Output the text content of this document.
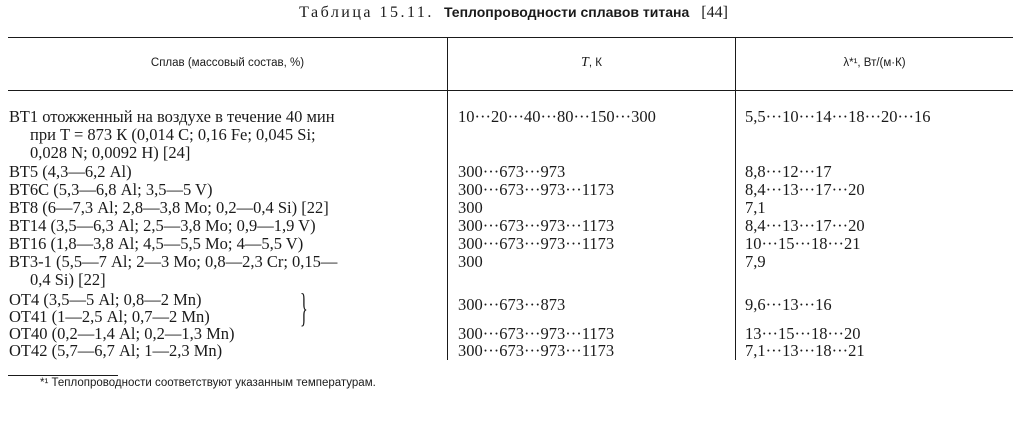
Таблица 15.11. Теплопроводности сплавов титана [44]
Сплав (массовый состав, %)	T, К	λ*¹, Вт/(м·К)
ВТ1 отожженный на воздухе в течение 40 мин	10···20···40···80···150···300	5,5···10···14···18···20···16
при T = 873 К (0,014 С; 0,16 Fe; 0,045 Si;
0,028 N; 0,0092 Н) [24]
ВТ5 (4,3—6,2 Al)	300···673···973	8,8···12···17
ВТ6С (5,3—6,8 Al; 3,5—5 V)	300···673···973···1173	8,4···13···17···20
ВТ8 (6—7,3 Al; 2,8—3,8 Mo; 0,2—0,4 Si) [22]	300	7,1
ВТ14 (3,5—6,3 Al; 2,5—3,8 Mo; 0,9—1,9 V)	300···673···973···1173	8,4···13···17···20
ВТ16 (1,8—3,8 Al; 4,5—5,5 Mo; 4—5,5 V)	300···673···973···1173	10···15···18···21
ВТ3-1 (5,5—7 Al; 2—3 Mo; 0,8—2,3 Cr; 0,15—	300	7,9
0,4 Si) [22]
ОТ4 (3,5—5 Al; 0,8—2 Mn)
ОТ41 (1—2,5 Al; 0,7—2 Mn)
300···673···873	9,6···13···16
}
ОТ40 (0,2—1,4 Al; 0,2—1,3 Mn)	300···673···973···1173	13···15···18···20
ОТ42 (5,7—6,7 Al; 1—2,3 Mn)	300···673···973···1173	7,1···13···18···21
*¹ Теплопроводности соответствуют указанным температурам.
